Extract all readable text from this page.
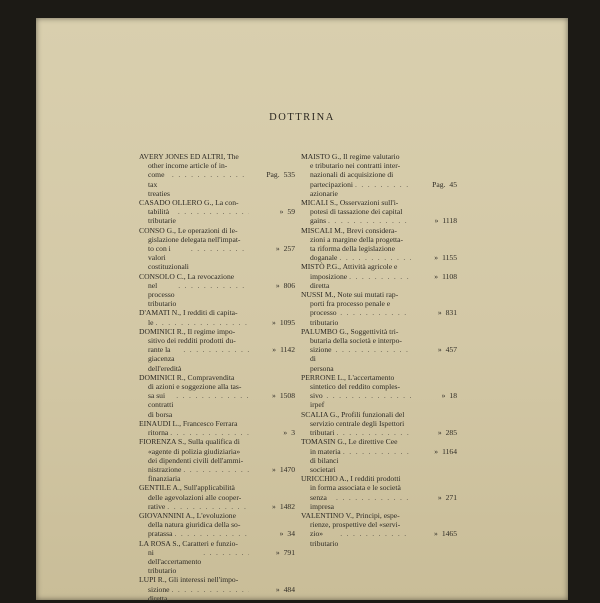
DOTTRINA
AVERY JONES ED ALTRI, The
other income article of in-
come tax treaties
. . .
Pag. 535
CASADO OLLERO G., La con-
tabilità tributarie
. . .
» 59
CONSO G., Le operazioni di le-
gislazione delegata nell'impat-
to con i valori costituzionali
. . .
» 257
CONSOLO C., La revocazione
nel processo tributario
. . .
» 806
D'AMATI N., I redditi di capita-
le . . .	» 1095
DOMINICI R., Il regime impo-
sitivo dei redditi prodotti du-
rante la giacenza dell'eredità
. . .
» 1142
DOMINICI R., Compravendita
di azioni e soggezione alla tas-
sa sui contratti di borsa
. . .
» 1508
EINAUDI L., Francesco Ferrara
ritorna . . .	» 3
FIORENZA S., Sulla qualifica di
«agente di polizia giudiziaria»
dei dipendenti civili dell'ammi-
nistrazione finanziaria
. . .
» 1470
GENTILE A., Sull'applicabilità
delle agevolazioni alle cooper-
rative . . .	» 1482
GIOVANNINI A., L'evoluzione
della natura giuridica della so-
pratassa . . .	» 34
LA ROSA S., Caratteri e funzio-
ni dell'accertamento tributario
. . .
» 791
LUPI R., Gli interessi nell'impo-
sizione diretta
. . .
» 484
MAISTO G., Il regime valutario
e tributario nei contratti inter-
nazionali di acquisizione di
partecipazioni azionarie
. . .
Pag. 45
MICALI S., Osservazioni sull'i-
potesi di tassazione dei capital
gains . . .	» 1118
MISCALI M., Brevi considera-
zioni a margine della progetta-
ta riforma della legislazione
doganale . . .	» 1155
MISTÒ P.G., Attività agricole e
imposizione diretta
. . .
» 1108
NUSSI M., Note sui mutati rap-
porti fra processo penale e
processo tributario
. . .
» 831
PALUMBO G., Soggettività tri-
butaria della società e interpo-
sizione di persona
. . .
» 457
PERRONE L., L'accertamento
sintetico del reddito comples-
sivo irpef
. . .
» 18
SCALIA G., Profili funzionali del
servizio centrale degli Ispettori
tributari . . .	» 285
TOMASIN G., Le direttive Cee
in materia di bilanci societari
. . .
» 1164
URICCHIO A., I redditi prodotti
in forma associata e le società
senza impresa
. . .
» 271
VALENTINO V., Principi, espe-
rienze, prospettive del «servi-
zio» tributario
. . .
» 1465
